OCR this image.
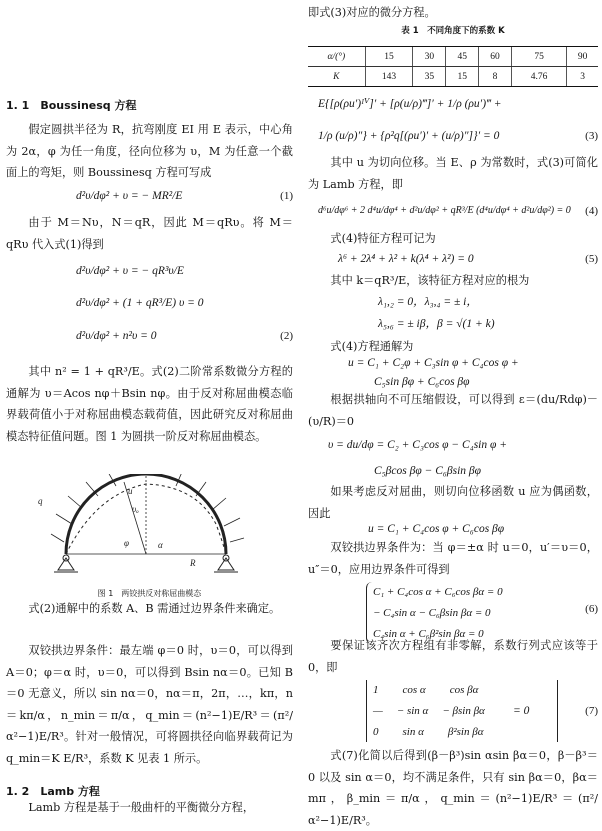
1. 1　Boussinesq 方程

假定圆拱半径为 R，抗弯刚度 EI 用 E 表示，中心角为 2α，φ 为任一角度，径向位移为 υ，M 为任意一个截面上的弯矩，则 Boussinesq 方程可写成

d²υ/dφ² + υ = − MR²/E	(1)

由于 M＝Nυ，N＝qR，因此 M＝qRυ。将 M＝qRυ 代入式(1)得到

d²υ/dφ² + υ = − qR³υ/E
d²υ/dφ² + (1 + qR³/E) υ = 0
d²υ/dφ² + n²υ = 0	(2)

其中 n² = 1 + qR³/E。式(2)二阶常系数微分方程的通解为 υ＝Acos nφ＋Bsin nφ。由于反对称屈曲模态临界载荷值小于对称屈曲模态载荷值，因此研究反对称屈曲模态特征值问题。图 1 为圆拱一阶反对称屈曲模态。

q
u
υₒ
φ	α
R

图 1　两铰拱反对称屈曲模态

式(2)通解中的系数 A、B 需通过边界条件来确定。

双铰拱边界条件：最左端 φ＝0 时，υ＝0，可以得到 A＝0；φ＝α 时，υ＝0，可以得到 Bsin nα＝0。已知 B＝0 无意义，所以 sin nα＝0，nα＝π，2π，…，kπ，n＝kπ/α，n_min＝π/α，q_min＝(n²−1)E/R³＝(π²/α²−1)E/R³。针对一般情况，可将圆拱径向临界载荷记为 q_min＝K E/R³，系数 K 见表 1 所示。

1. 2　Lamb 方程

Lamb 方程是基于一般曲杆的平衡微分方程，

即式(3)对应的微分方程。

表 1　不同角度下的系数 K

α/(°)	15	30	45	60	75	90
K	143	35	15	8	4.76	3
E{[ρ(ρu′)ᴵⱽ]′ + [ρ(u/ρ)‴]′ + 1/ρ (ρu′)‴ +
1/ρ (u/ρ)″} + {ρ²q[(ρu′)′ + (u/ρ)″]}′ = 0	(3)

其中 u 为切向位移。当 E、ρ 为常数时，式(3)可简化为 Lamb 方程，即

d⁶u/dφ⁶ + 2 d⁴u/dφ⁴ + d²u/dφ² + qR³/E (d⁴u/dφ⁴ + d²u/dφ²) = 0 (4)

式(4)特征方程可记为

λ⁶ + 2λ⁴ + λ² + k(λ⁴ + λ²) = 0	(5)

其中 k＝qR³/E，该特征方程对应的根为

λ₁,₂ = 0，λ₃,₄ = ± i，
λ₅,₆ = ± iβ，β = √(1 + k)

式(4)方程通解为

u = C₁ + C₂φ + C₃sin φ + C₄cos φ +
C₅sin βφ + C₆cos βφ

根据拱轴向不可压缩假设，可以得到 ε＝(du/Rdφ)－(υ/R)＝0

υ = du/dφ = C₂ + C₃cos φ − C₄sin φ +
C₅βcos βφ − C₆βsin βφ

如果考虑反对屈曲，则切向位移函数 u 应为偶函数，因此

u = C₁ + C₄cos φ + C₆cos βφ

双铰拱边界条件为：当 φ＝±α 时 u＝0，u′＝υ＝0，u″＝0，应用边界条件可得到

C₁ + C₄cos α + C₆cos βα = 0
− C₄sin α − C₆βsin βα = 0
C₄sin α + C₆β²sin βα = 0
(6)

要保证该齐次方程组有非零解，系数行列式应该等于 0，即

1 cos α cos βα
— − sin α − βsin βα
0 sin α β²sin βα
= 0	(7)

式(7)化简以后得到(β－β³)sin αsin βα＝0，β－β³＝0 以及 sin α＝0，均不满足条件，只有 sin βα＝0，βα＝mπ，β_min＝π/α，q_min＝(n²−1)E/R³＝(π²/α²−1)E/R³。
